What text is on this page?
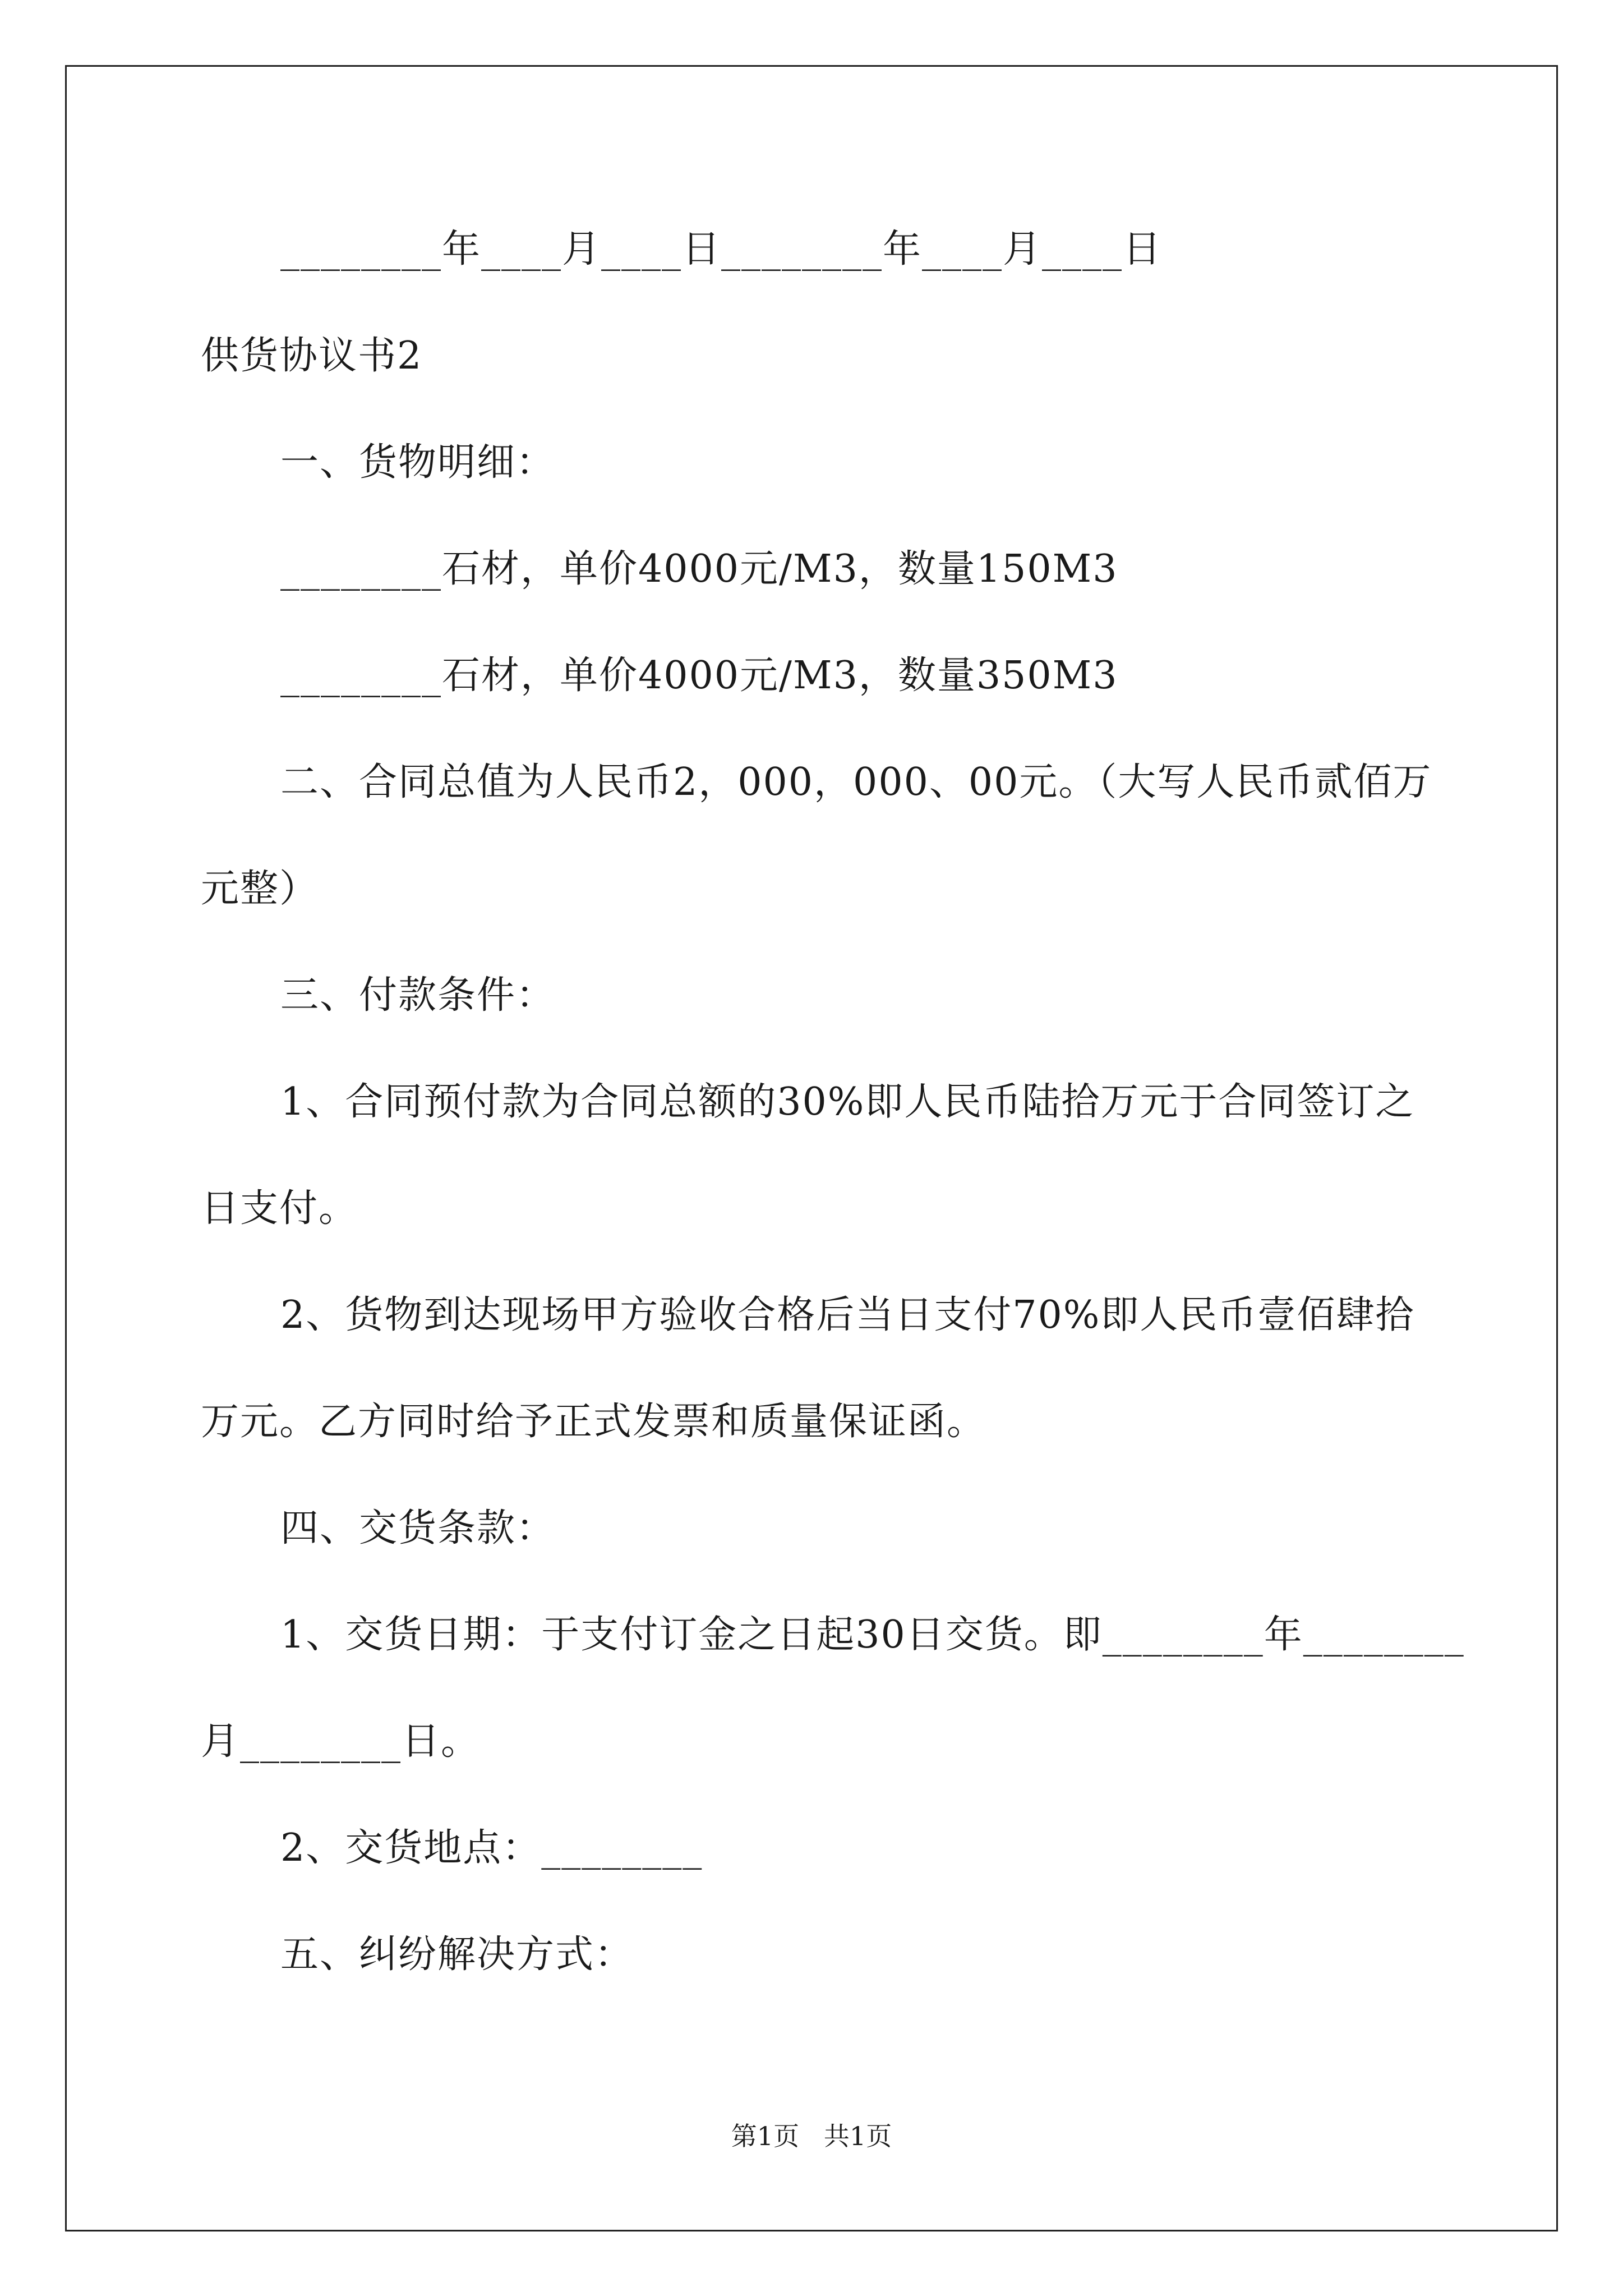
________年____月____日________年____月____日
供货协议书2
一、货物明细：
________石材，单价4000元/M3，数量150M3
________石材，单价4000元/M3，数量350M3
二、合同总值为人民币2，000，000、00元。（大写人民币贰佰万
元整）
三、付款条件：
1、合同预付款为合同总额的30%即人民币陆拾万元于合同签订之
日支付。
2、货物到达现场甲方验收合格后当日支付70%即人民币壹佰肆拾
万元。乙方同时给予正式发票和质量保证函。
四、交货条款：
1、交货日期：于支付订金之日起30日交货。即________年________
月________日。
2、交货地点：________
五、纠纷解决方式：
第1页   共1页
